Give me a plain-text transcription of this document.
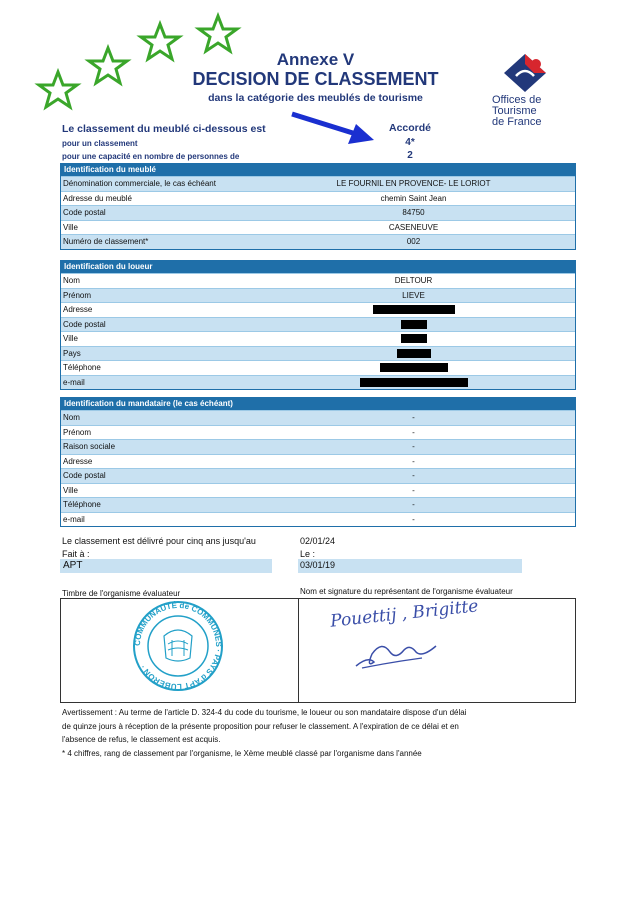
Annexe V
DECISION DE CLASSEMENT
dans la catégorie des meublés de tourisme	Offices de
Tourisme
de France
Le classement du meublé ci-dessous est
pour un classement
pour une capacité en nombre de personnes de
Accordé
4*
2
Identification du meublé
Dénomination commerciale, le cas échéant	LE FOURNIL EN PROVENCE- LE LORIOT
Adresse du meublé	chemin Saint Jean
Code postal	84750
Ville	CASENEUVE
Numéro de classement*	002
Identification du loueur
Nom	DELTOUR
Prénom	LIEVE
Adresse
Code postal
Ville
Pays
Téléphone
e-mail
Identification du mandataire (le cas échéant)
Nom	-
Prénom	-
Raison sociale	-
Adresse	-
Code postal	-
Ville	-
Téléphone	-
e-mail	-
Le classement est délivré pour cinq ans jusqu'au	02/01/24
Fait à :	Le :
APT	03/01/19
Timbre de l'organisme évaluateur	Nom et signature du représentant de l'organisme évaluateur
COMMUNAUTÉ de COMMUNES · PAYS d'APT LUBERON ·
Pouettij , Brigitte
Avertissement : Au terme de l'article D. 324-4 du code du tourisme, le loueur ou son mandataire dispose d'un délai
de quinze jours à réception de la présente proposition pour refuser le classement. A l'expiration de ce délai et en
l'absence de refus, le classement est acquis.
* 4 chiffres, rang de classement par l'organisme, le Xème meublé classé par l'organisme dans l'année
